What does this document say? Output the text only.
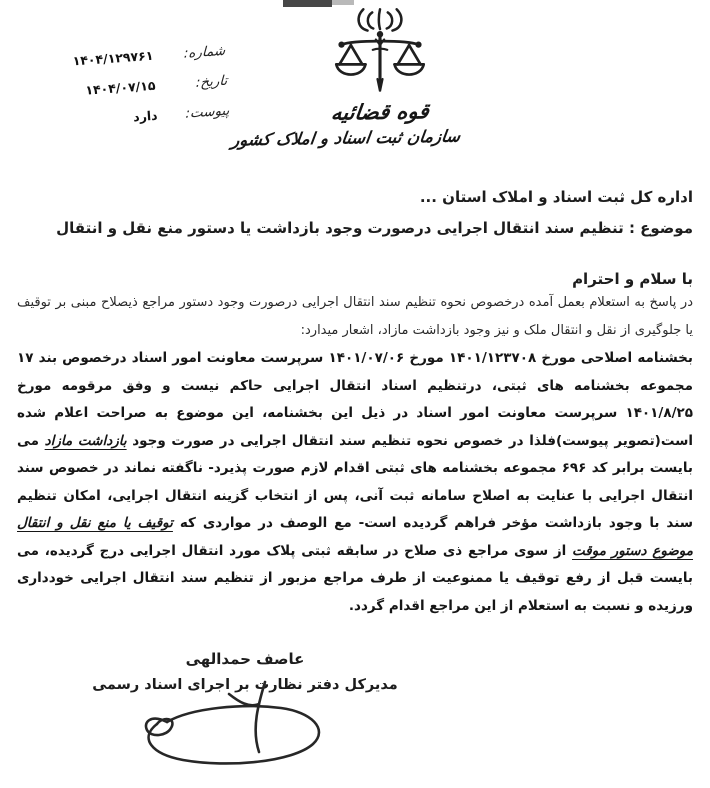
شماره:
۱۴۰۴/۱۲۹۷۶۱
تاریخ:
۱۴۰۴/۰۷/۱۵
پیوست:
دارد	قوه قضائیه
سازمان ثبت اسناد و املاک کشور
اداره کل ثبت اسناد و املاک استان ...
موضوع : تنظیم سند انتقال اجرایی درصورت وجود بازداشت یا دستور منع نقل و انتقال
با سلام و احترام

در پاسخ به استعلام بعمل آمده درخصوص نحوه تنظیم سند انتقال اجرایی درصورت وجود دستور مراجع ذیصلاح مبنی بر توقیف یا جلوگیری از نقل و انتقال ملک و نیز وجود بازداشت مازاد، اشعار میدارد:

بخشنامه اصلاحی مورخ ۱۴۰۱/۱۲۳۷۰۸ مورخ ۱۴۰۱/۰۷/۰۶ سرپرست معاونت امور اسناد درخصوص بند ۱۷ مجموعه بخشنامه های ثبتی، درتنظیم اسناد انتقال اجرایی حاکم نیست و وفق مرقومه مورخ ۱۴۰۱/۸/۲۵ سرپرست معاونت امور اسناد در ذیل این بخشنامه، این موضوع به صراحت اعلام شده است(تصویر پیوست)فلذا در خصوص نحوه تنظیم سند انتقال اجرایی در صورت وجود بازداشت مازاد می بایست برابر کد ۶۹۶ مجموعه بخشنامه های ثبتی اقدام لازم صورت پذیرد- ناگفته نماند در خصوص سند انتقال اجرایی با عنایت به اصلاح سامانه ثبت آنی، پس از انتخاب گزینه انتقال اجرایی، امکان تنظیم سند با وجود بازداشت مؤخر فراهم گردیده است- مع الوصف در مواردی که توقیف یا منع نقل و انتقال موضوع دستور موقت از سوی مراجع ذی صلاح در سابقه ثبتی پلاک مورد انتقال اجرایی درج گردیده، می بایست قبل از رفع توقیف یا ممنوعیت از طرف مراجع مزبور از تنظیم سند انتقال اجرایی خودداری ورزیده و نسبت به استعلام از این مراجع اقدام گردد.

عاصف حمدالهی
مدیرکل دفتر نظارت بر اجرای اسناد رسمی
